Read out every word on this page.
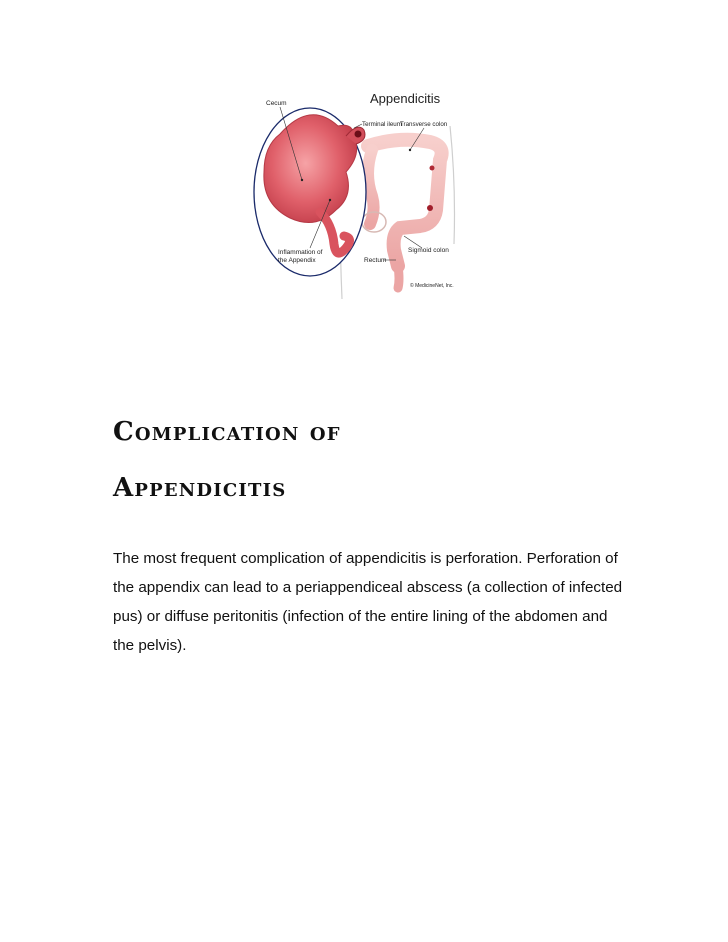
Appendicitis
Cecum
Terminal ileum
Transverse colon
Inflammation of
the Appendix
Sigmoid colon
Rectum
© MedicineNet, Inc.
Complication of
Appendicitis

The most frequent complication of appendicitis is perforation. Perforation of the appendix can lead to a periappendiceal abscess (a collection of infected pus) or diffuse peritonitis (infection of the entire lining of the abdomen and the pelvis).
